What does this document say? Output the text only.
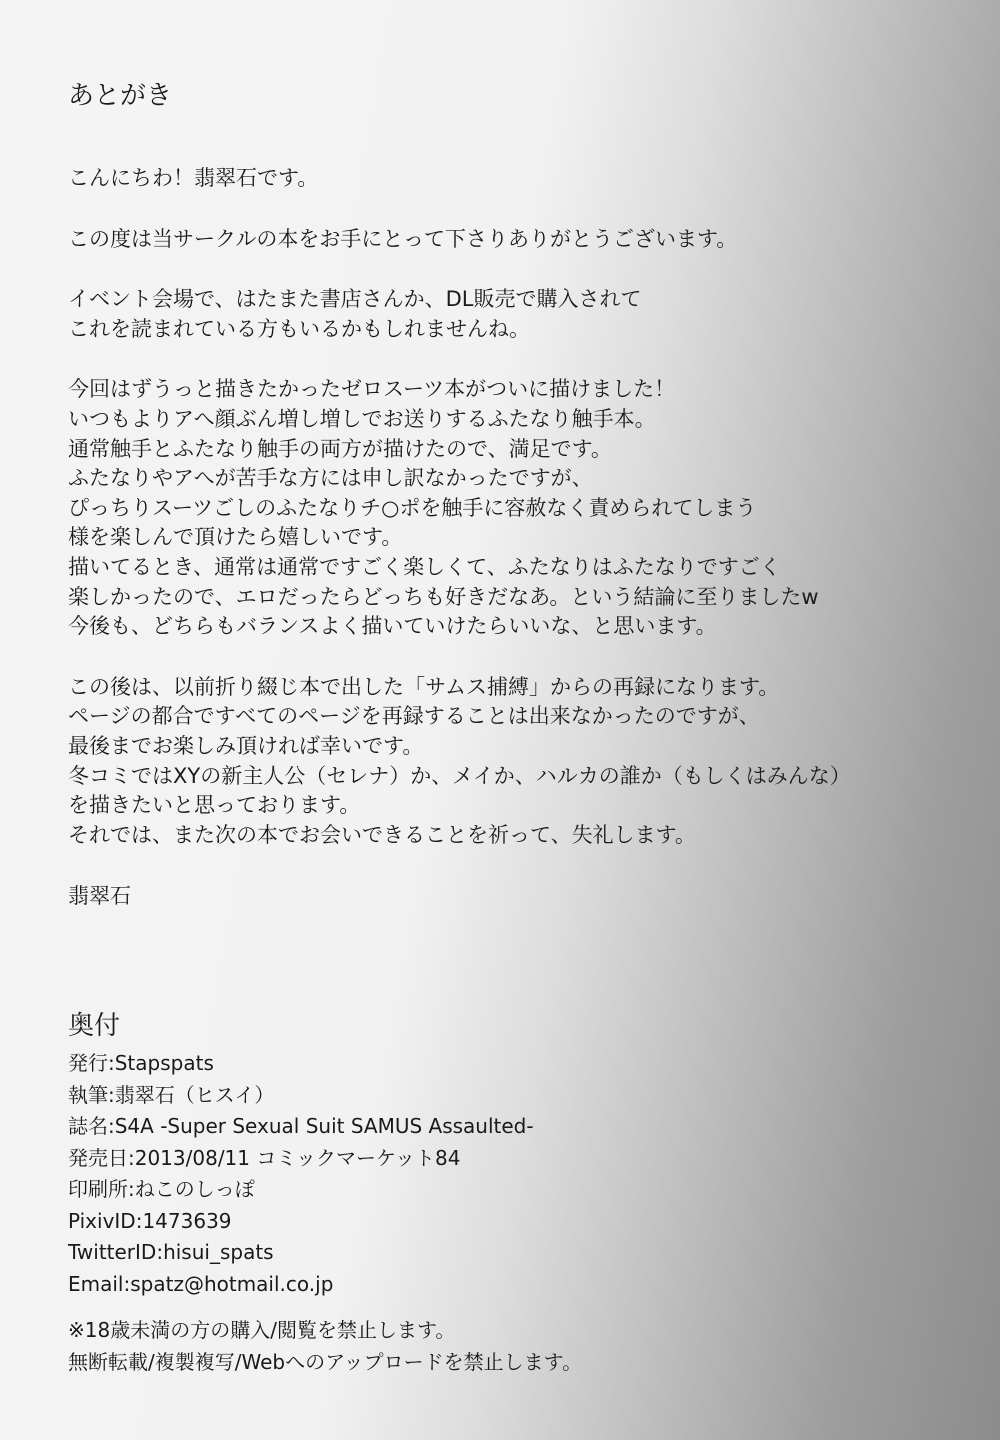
あとがき
こんにちわ！翡翠石です。
この度は当サークルの本をお手にとって下さりありがとうございます。
イベント会場で、はたまた書店さんか、DL販売で購入されて
これを読まれている方もいるかもしれませんね。
今回はずうっと描きたかったゼロスーツ本がついに描けました！
いつもよりアへ顔ぶん増し増しでお送りするふたなり触手本。
通常触手とふたなり触手の両方が描けたので、満足です。
ふたなりやアへが苦手な方には申し訳なかったですが、
ぴっちりスーツごしのふたなりチ○ポを触手に容赦なく責められてしまう
様を楽しんで頂けたら嬉しいです。
描いてるとき、通常は通常ですごく楽しくて、ふたなりはふたなりですごく
楽しかったので、エロだったらどっちも好きだなあ。という結論に至りましたw
今後も、どちらもバランスよく描いていけたらいいな、と思います。
この後は、以前折り綴じ本で出した「サムス捕縛」からの再録になります。
ページの都合ですべてのページを再録することは出来なかったのですが、
最後までお楽しみ頂ければ幸いです。
冬コミではXYの新主人公（セレナ）か、メイか、ハルカの誰か（もしくはみんな）
を描きたいと思っております。
それでは、また次の本でお会いできることを祈って、失礼します。
翡翠石
奥付
発行:Stapspats
執筆:翡翠石（ヒスイ）
誌名:S4A -Super Sexual Suit SAMUS Assaulted-
発売日:2013/08/11 コミックマーケット84
印刷所:ねこのしっぽ
PixivID:1473639
TwitterID:hisui_spats
Email:spatz@hotmail.co.jp
※18歳未満の方の購入/閲覧を禁止します。
無断転載/複製複写/Webへのアップロードを禁止します。
